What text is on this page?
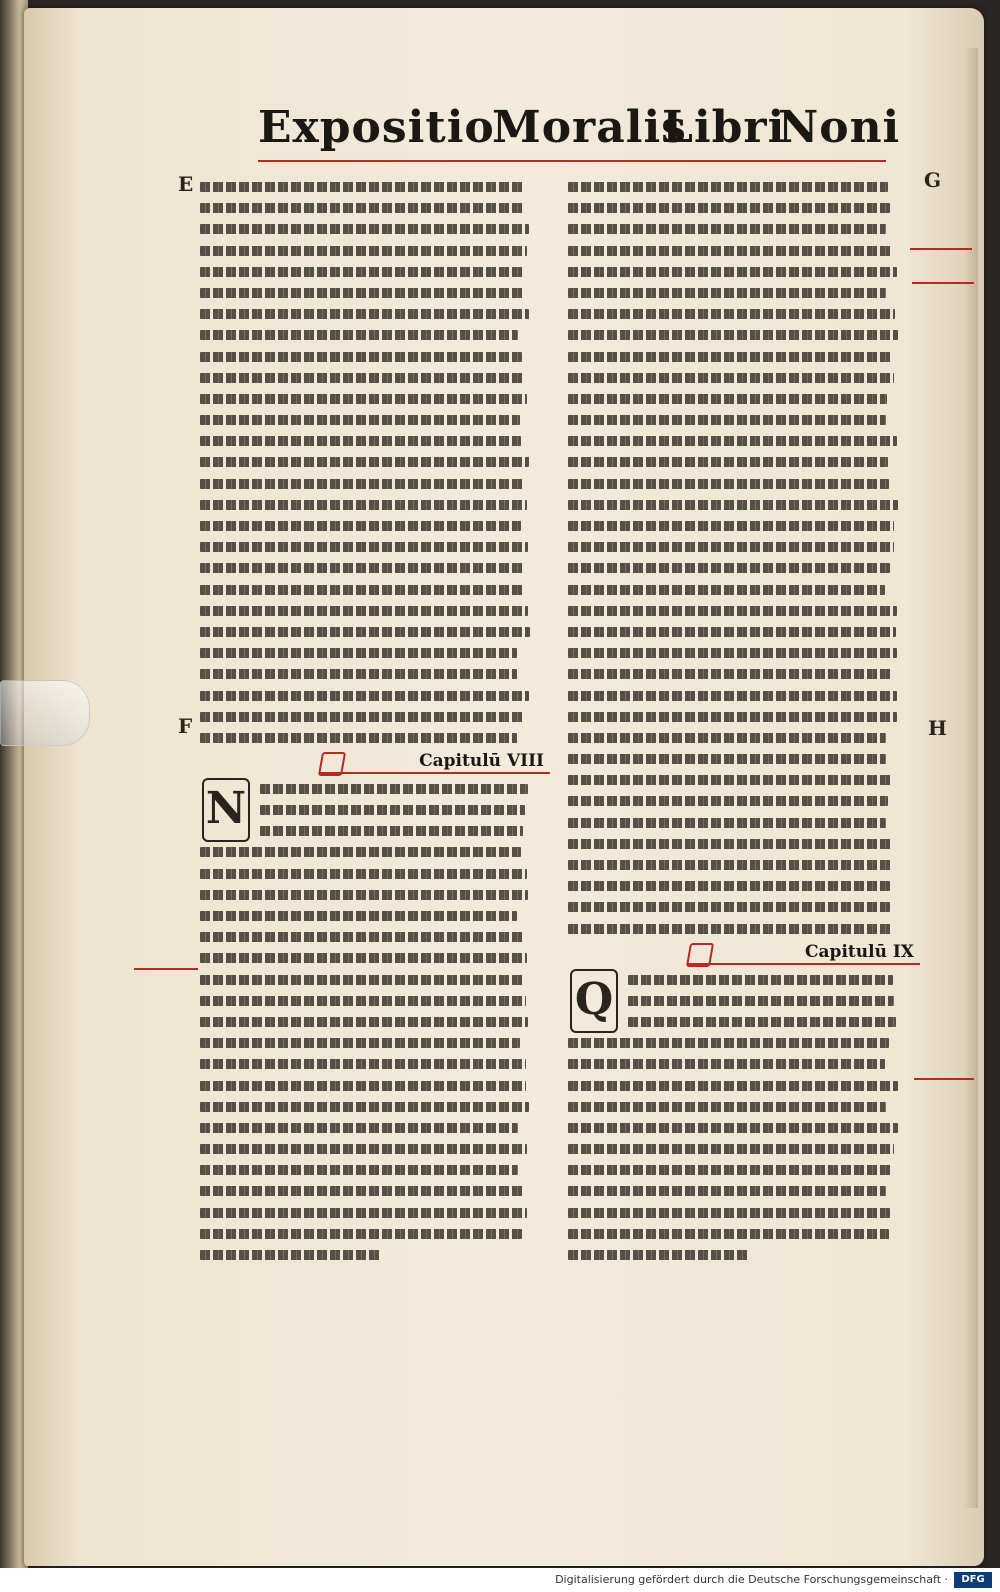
Expositio
Moralis
Libri
Noni
E
F
G
H
Capitulū VIII
N
Capitulū IX
Q
Digitalisierung gefördert durch die Deutsche Forschungsgemeinschaft ·	DFG
